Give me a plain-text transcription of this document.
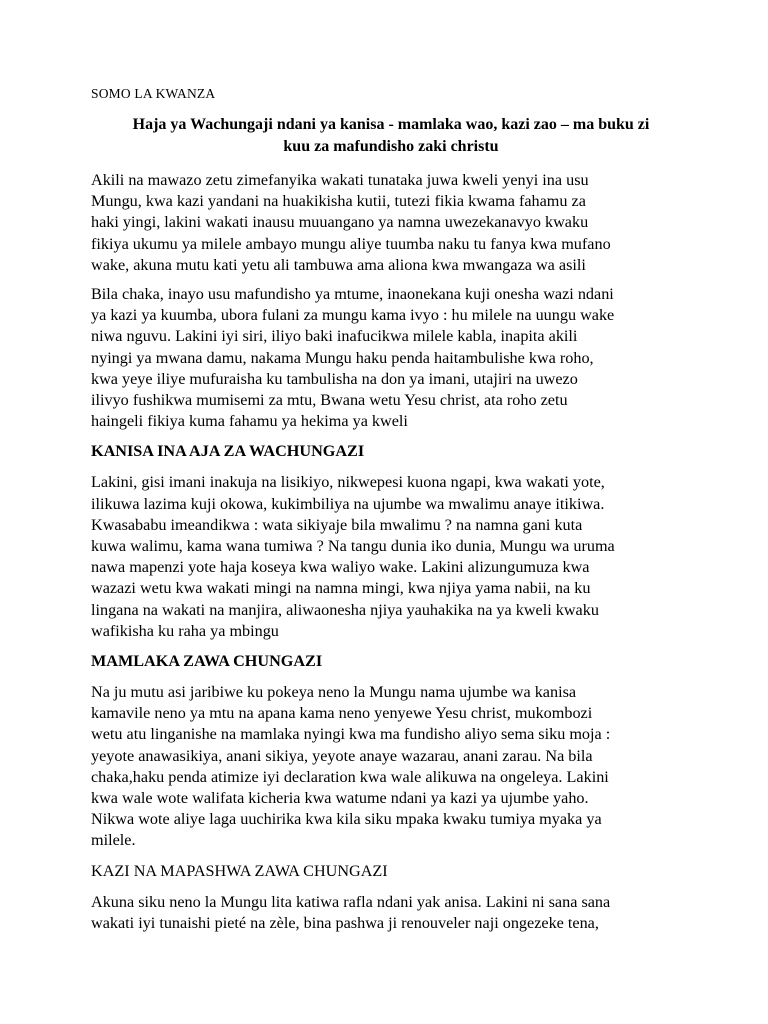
SOMO LA KWANZA
Haja ya Wachungaji ndani ya kanisa - mamlaka wao, kazi zao – ma buku zi
kuu za mafundisho zaki christu
Akili na mawazo zetu zimefanyika wakati tunataka juwa kweli yenyi ina usu
Mungu, kwa kazi yandani na huakikisha kutii, tutezi fikia kwama fahamu za
haki yingi, lakini wakati inausu muuangano ya namna uwezekanavyo kwaku
fikiya ukumu ya milele ambayo mungu aliye tuumba naku tu fanya kwa mufano
wake, akuna mutu kati yetu ali tambuwa ama aliona kwa mwangaza wa asili
Bila chaka, inayo usu mafundisho ya mtume, inaonekana kuji onesha wazi ndani
ya kazi ya kuumba, ubora fulani za mungu kama ivyo : hu milele na uungu wake
niwa nguvu. Lakini iyi siri, iliyo baki inafucikwa milele kabla, inapita akili
nyingi ya mwana damu, nakama Mungu haku penda haitambulishe kwa roho,
kwa yeye iliye mufuraisha ku tambulisha na don ya imani, utajiri na uwezo
ilivyo fushikwa mumisemi za mtu, Bwana wetu Yesu christ, ata roho zetu
haingeli fikiya kuma fahamu ya hekima ya kweli
KANISA INA AJA ZA WACHUNGAZI
Lakini, gisi imani inakuja na lisikiyo, nikwepesi kuona ngapi, kwa wakati yote,
ilikuwa lazima kuji okowa, kukimbiliya na ujumbe wa mwalimu anaye itikiwa.
Kwasababu imeandikwa : wata sikiyaje bila mwalimu ? na namna gani kuta
kuwa walimu, kama wana tumiwa ? Na tangu dunia iko dunia, Mungu wa uruma
nawa mapenzi yote haja koseya kwa waliyo wake. Lakini alizungumuza kwa
wazazi wetu kwa wakati mingi na namna mingi, kwa njiya yama nabii, na ku
lingana na wakati na manjira, aliwaonesha njiya yauhakika na ya kweli kwaku
wafikisha ku raha ya mbingu
MAMLAKA ZAWA CHUNGAZI
Na ju mutu asi jaribiwe ku pokeya neno la Mungu nama ujumbe wa kanisa
kamavile neno ya mtu na apana kama neno yenyewe Yesu christ, mukombozi
wetu atu linganishe na mamlaka nyingi kwa ma fundisho aliyo sema siku moja :
yeyote anawasikiya, anani sikiya, yeyote anaye wazarau, anani zarau. Na bila
chaka,haku penda atimize iyi declaration kwa wale alikuwa na ongeleya. Lakini
kwa wale wote walifata kicheria kwa watume ndani ya kazi ya ujumbe yaho.
Nikwa wote aliye laga uuchirika kwa kila siku mpaka kwaku tumiya myaka ya
milele.
KAZI NA MAPASHWA ZAWA CHUNGAZI
Akuna siku neno la Mungu lita katiwa rafla ndani yak anisa. Lakini ni sana sana
wakati iyi tunaishi pieté na zèle, bina pashwa ji renouveler naji ongezeke tena,
